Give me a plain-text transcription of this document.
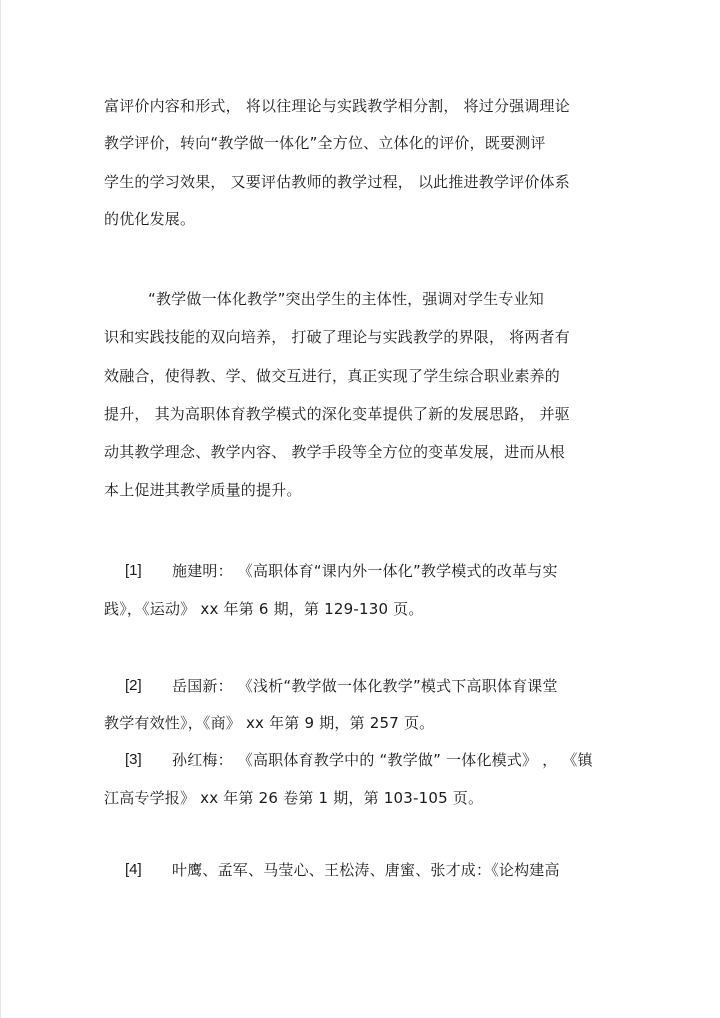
富评价内容和形式， 将以往理论与实践教学相分割， 将过分强调理论
教学评价，转向“教学做一体化”全方位、立体化的评价，既要测评
学生的学习效果， 又要评估教师的教学过程， 以此推进教学评价体系
的优化发展。
“教学做一体化教学”突出学生的主体性，强调对学生专业知
识和实践技能的双向培养， 打破了理论与实践教学的界限， 将两者有
效融合，使得教、学、做交互进行，真正实现了学生综合职业素养的
提升， 其为高职体育教学模式的深化变革提供了新的发展思路， 并驱
动其教学理念、教学内容、 教学手段等全方位的变革发展，进而从根
本上促进其教学质量的提升。
[1] 施建明： 《高职体育“课内外一体化”教学模式的改革与实
践》，《运动》 xx 年第 6 期，第 129-130 页。
[2] 岳国新： 《浅析“教学做一体化教学”模式下高职体育课堂
教学有效性》，《商》 xx 年第 9 期，第 257 页。
[3] 孙红梅： 《高职体育教学中的 “教学做” 一体化模式》 ， 《镇
江高专学报》 xx 年第 26 卷第 1 期，第 103-105 页。
[4] 叶鹰、孟军、马莹心、王松涛、唐蜜、张才成：《论构建高
